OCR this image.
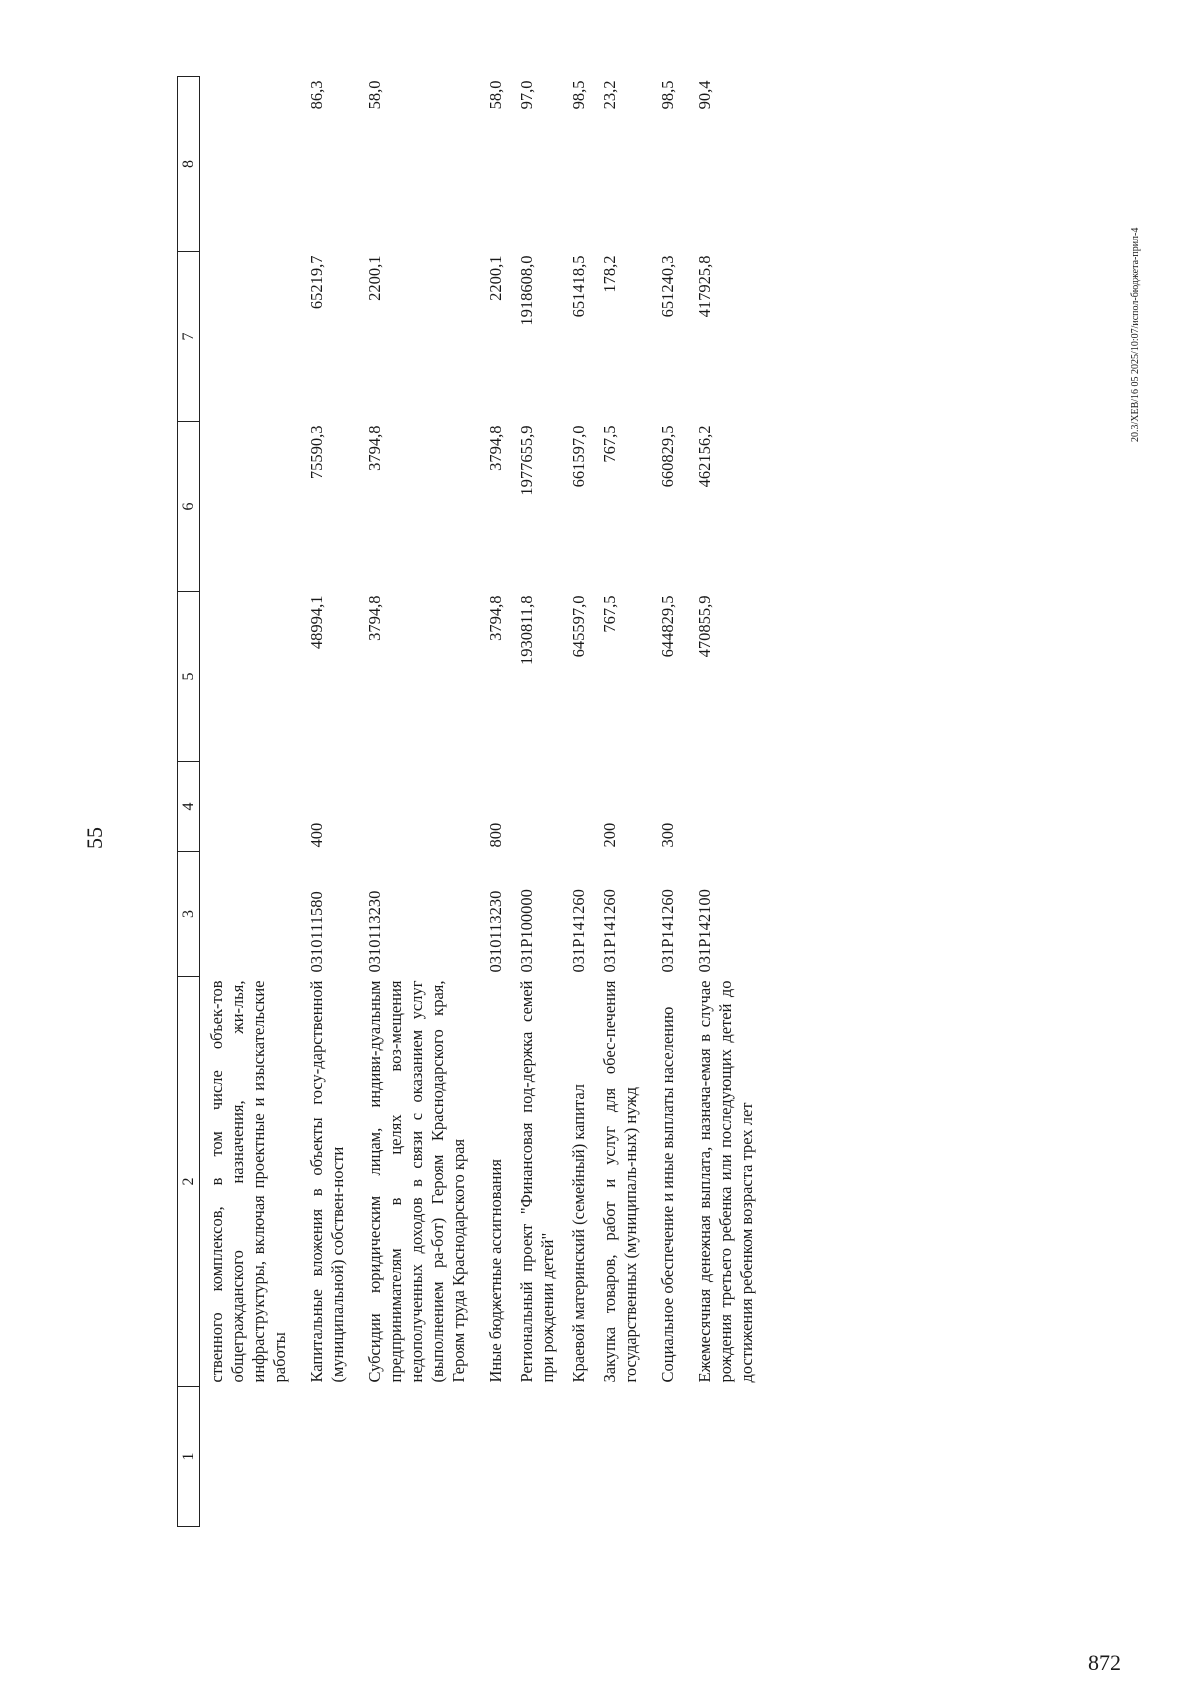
872
55
1	2	3	4	5	6	7	8
	ственного комплексов, в том числе объек-тов общегражданского назначения, жи-лья, инфраструктуры, включая проектные и изыскательские работы						
	Капитальные вложения в объекты госу-дарственной (муниципальной) собствен-ности	0310111580	400	48994,1	75590,3	65219,7	86,3
	Субсидии юридическим лицам, индиви-дуальным предпринимателям в целях воз-мещения недополученных доходов в связи с оказанием услуг (выполнением ра-бот) Героям Краснодарского края, Героям труда Краснодарского края	0310113230		3794,8	3794,8	2200,1	58,0
	Иные бюджетные ассигнования	0310113230	800	3794,8	3794,8	2200,1	58,0
	Региональный проект "Финансовая под-держка семей при рождении детей"	031P100000		1930811,8	1977655,9	1918608,0	97,0
	Краевой материнский (семейный) капитал	031P141260		645597,0	661597,0	651418,5	98,5
	Закупка товаров, работ и услуг для обес-печения государственных (муниципаль-ных) нужд	031P141260	200	767,5	767,5	178,2	23,2
	Социальное обеспечение и иные выплаты населению	031P141260	300	644829,5	660829,5	651240,3	98,5
	Ежемесячная денежная выплата, назнача-емая в случае рождения третьего ребенка или последующих детей до достижения ребенком возраста трех лет	031P142100		470855,9	462156,2	417925,8	90,4
20.3/XEB/16 05 2025/10:07/испол-бюджета-прил-4
